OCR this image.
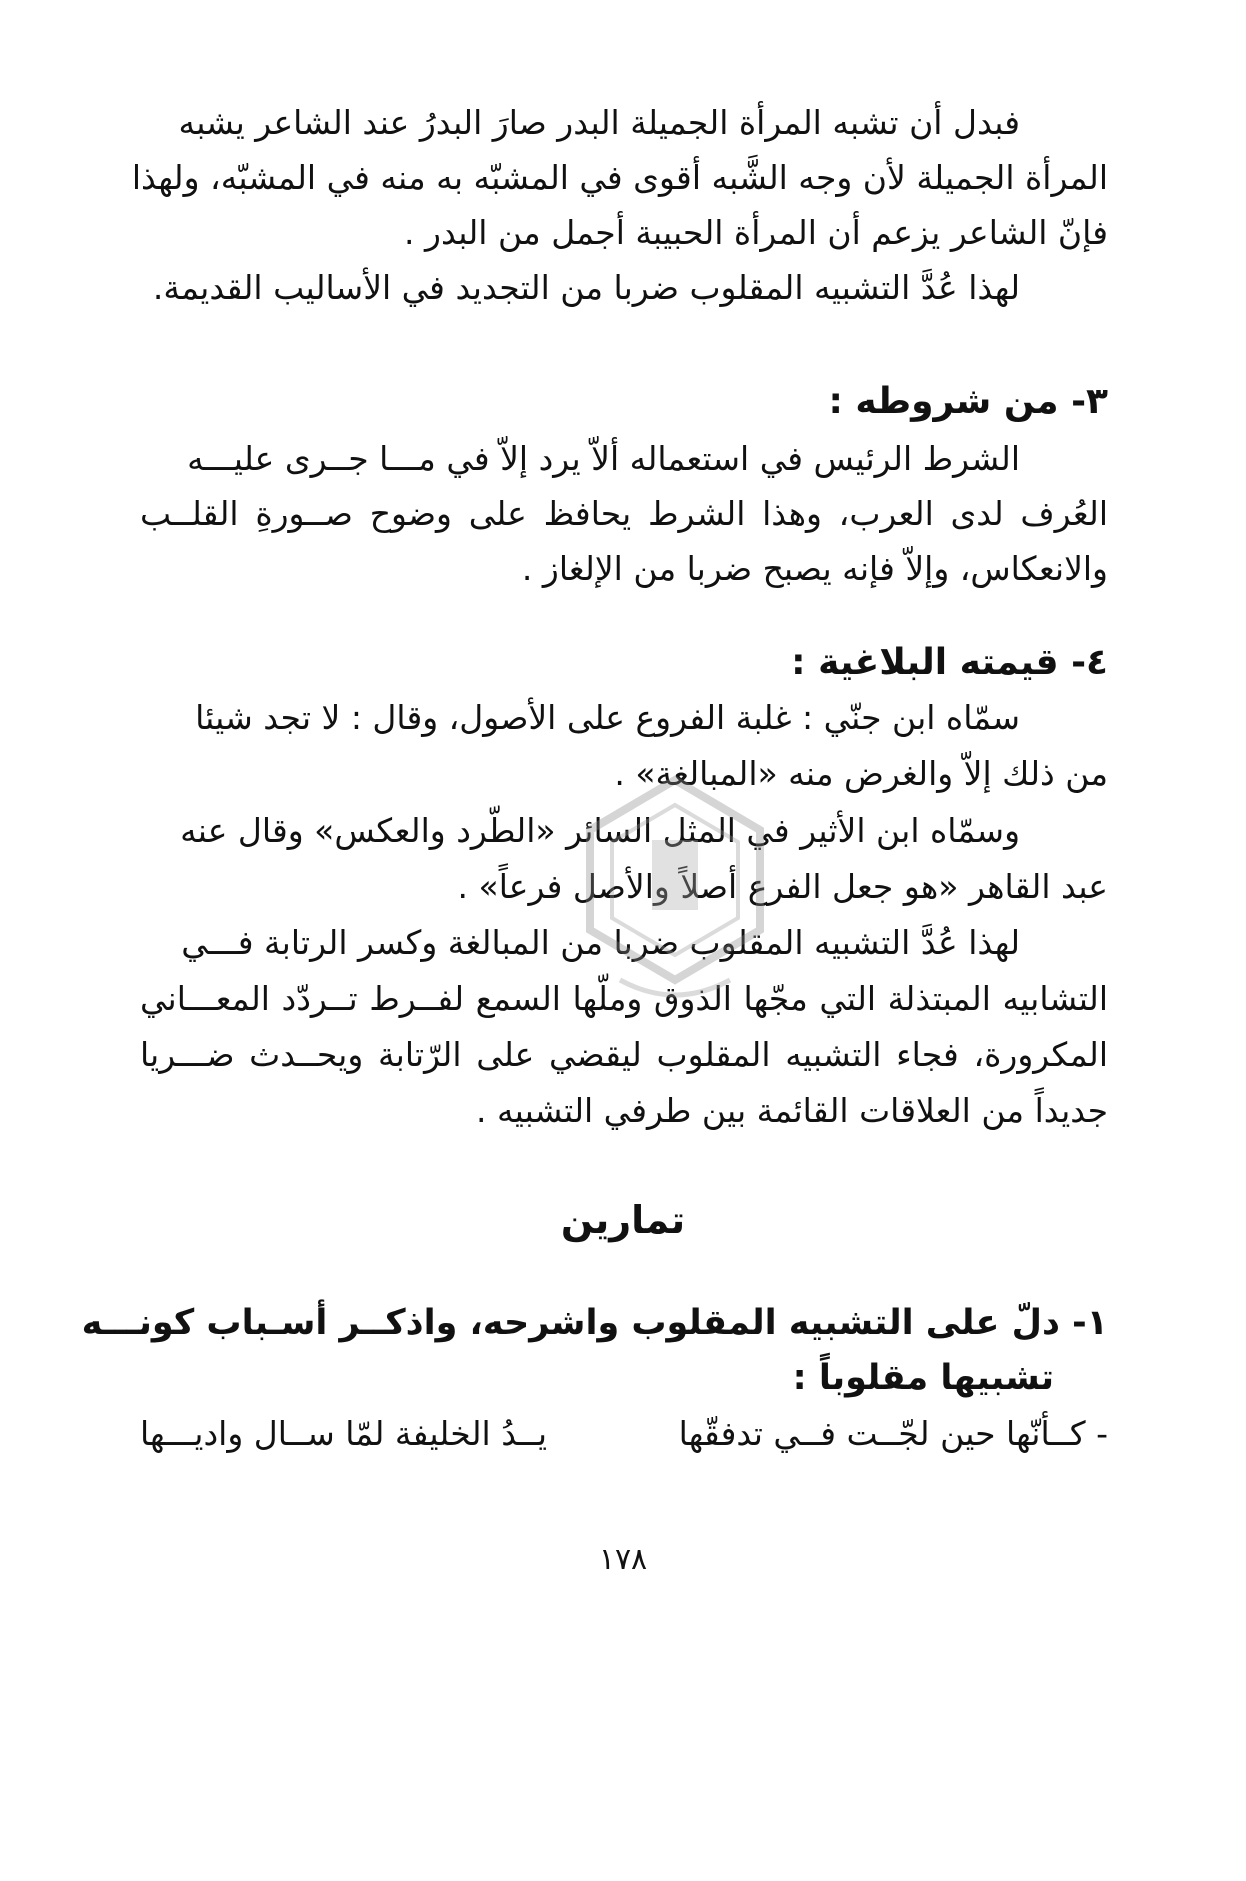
فبدل أن تشبه المرأة الجميلة البدر صارَ البدرُ عند الشاعر يشبه
المرأة الجميلة لأن وجه الشَّبه أقوى في المشبّه به منه في المشبّه، ولهذا
فإنّ الشاعر يزعم أن المرأة الحبيبة أجمل من البدر .
لهذا عُدَّ التشبيه المقلوب ضربا من التجديد في الأساليب القديمة.
٣- من شروطه :
الشرط الرئيس في استعماله ألاّ يرد إلاّ في مـــا جــرى عليـــه
العُرف لدى العرب، وهذا الشرط يحافظ على وضوح صــورةِ القلــب
والانعكاس، وإلاّ فإنه يصبح ضربا من الإلغاز .
٤- قيمته البلاغية :
سمّاه ابن جنّي : غلبة الفروع على الأصول، وقال : لا تجد شيئا
من ذلك إلاّ والغرض منه «المبالغة» .
وسمّاه ابن الأثير في المثل السائر «الطّرد والعكس» وقال عنه
عبد القاهر «هو جعل الفرع أصلاً والأصل فرعاً» .
لهذا عُدَّ التشبيه المقلوب ضربا من المبالغة وكسر الرتابة فـــي
التشابيه المبتذلة التي مجّها الذوق وملّها السمع لفــرط تــردّد المعـــاني
المكرورة، فجاء التشبيه المقلوب ليقضي على الرّتابة ويحــدث ضـــريا
جديداً من العلاقات القائمة بين طرفي التشبيه .
تمارين
١- دلّ على التشبيه المقلوب واشرحه، واذكــر أسـباب كونـــه
تشبيها مقلوباً :
- كــأنّها حين لجّــت فــي تدفقّها
يــدُ الخليفة لمّا ســال واديـــها
١٧٨
